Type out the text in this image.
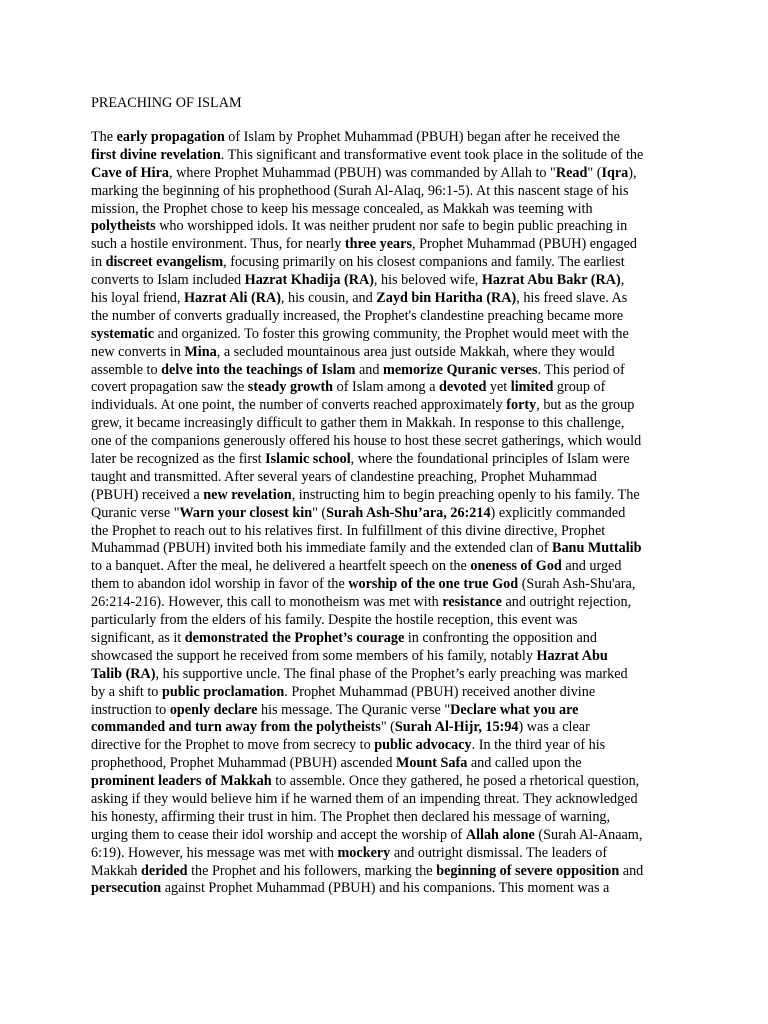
PREACHING OF ISLAM
The early propagation of Islam by Prophet Muhammad (PBUH) began after he received the
first divine revelation. This significant and transformative event took place in the solitude of the
Cave of Hira, where Prophet Muhammad (PBUH) was commanded by Allah to "Read" (Iqra),
marking the beginning of his prophethood (Surah Al-Alaq, 96:1-5). At this nascent stage of his
mission, the Prophet chose to keep his message concealed, as Makkah was teeming with
polytheists who worshipped idols. It was neither prudent nor safe to begin public preaching in
such a hostile environment. Thus, for nearly three years, Prophet Muhammad (PBUH) engaged
in discreet evangelism, focusing primarily on his closest companions and family. The earliest
converts to Islam included Hazrat Khadija (RA), his beloved wife, Hazrat Abu Bakr (RA),
his loyal friend, Hazrat Ali (RA), his cousin, and Zayd bin Haritha (RA), his freed slave. As
the number of converts gradually increased, the Prophet's clandestine preaching became more
systematic and organized. To foster this growing community, the Prophet would meet with the
new converts in Mina, a secluded mountainous area just outside Makkah, where they would
assemble to delve into the teachings of Islam and memorize Quranic verses. This period of
covert propagation saw the steady growth of Islam among a devoted yet limited group of
individuals. At one point, the number of converts reached approximately forty, but as the group
grew, it became increasingly difficult to gather them in Makkah. In response to this challenge,
one of the companions generously offered his house to host these secret gatherings, which would
later be recognized as the first Islamic school, where the foundational principles of Islam were
taught and transmitted. After several years of clandestine preaching, Prophet Muhammad
(PBUH) received a new revelation, instructing him to begin preaching openly to his family. The
Quranic verse "Warn your closest kin" (Surah Ash-Shu’ara, 26:214) explicitly commanded
the Prophet to reach out to his relatives first. In fulfillment of this divine directive, Prophet
Muhammad (PBUH) invited both his immediate family and the extended clan of Banu Muttalib
to a banquet. After the meal, he delivered a heartfelt speech on the oneness of God and urged
them to abandon idol worship in favor of the worship of the one true God (Surah Ash-Shu'ara,
26:214-216). However, this call to monotheism was met with resistance and outright rejection,
particularly from the elders of his family. Despite the hostile reception, this event was
significant, as it demonstrated the Prophet’s courage in confronting the opposition and
showcased the support he received from some members of his family, notably Hazrat Abu
Talib (RA), his supportive uncle. The final phase of the Prophet’s early preaching was marked
by a shift to public proclamation. Prophet Muhammad (PBUH) received another divine
instruction to openly declare his message. The Quranic verse "Declare what you are
commanded and turn away from the polytheists" (Surah Al-Hijr, 15:94) was a clear
directive for the Prophet to move from secrecy to public advocacy. In the third year of his
prophethood, Prophet Muhammad (PBUH) ascended Mount Safa and called upon the
prominent leaders of Makkah to assemble. Once they gathered, he posed a rhetorical question,
asking if they would believe him if he warned them of an impending threat. They acknowledged
his honesty, affirming their trust in him. The Prophet then declared his message of warning,
urging them to cease their idol worship and accept the worship of Allah alone (Surah Al-Anaam,
6:19). However, his message was met with mockery and outright dismissal. The leaders of
Makkah derided the Prophet and his followers, marking the beginning of severe opposition and
persecution against Prophet Muhammad (PBUH) and his companions. This moment was a
